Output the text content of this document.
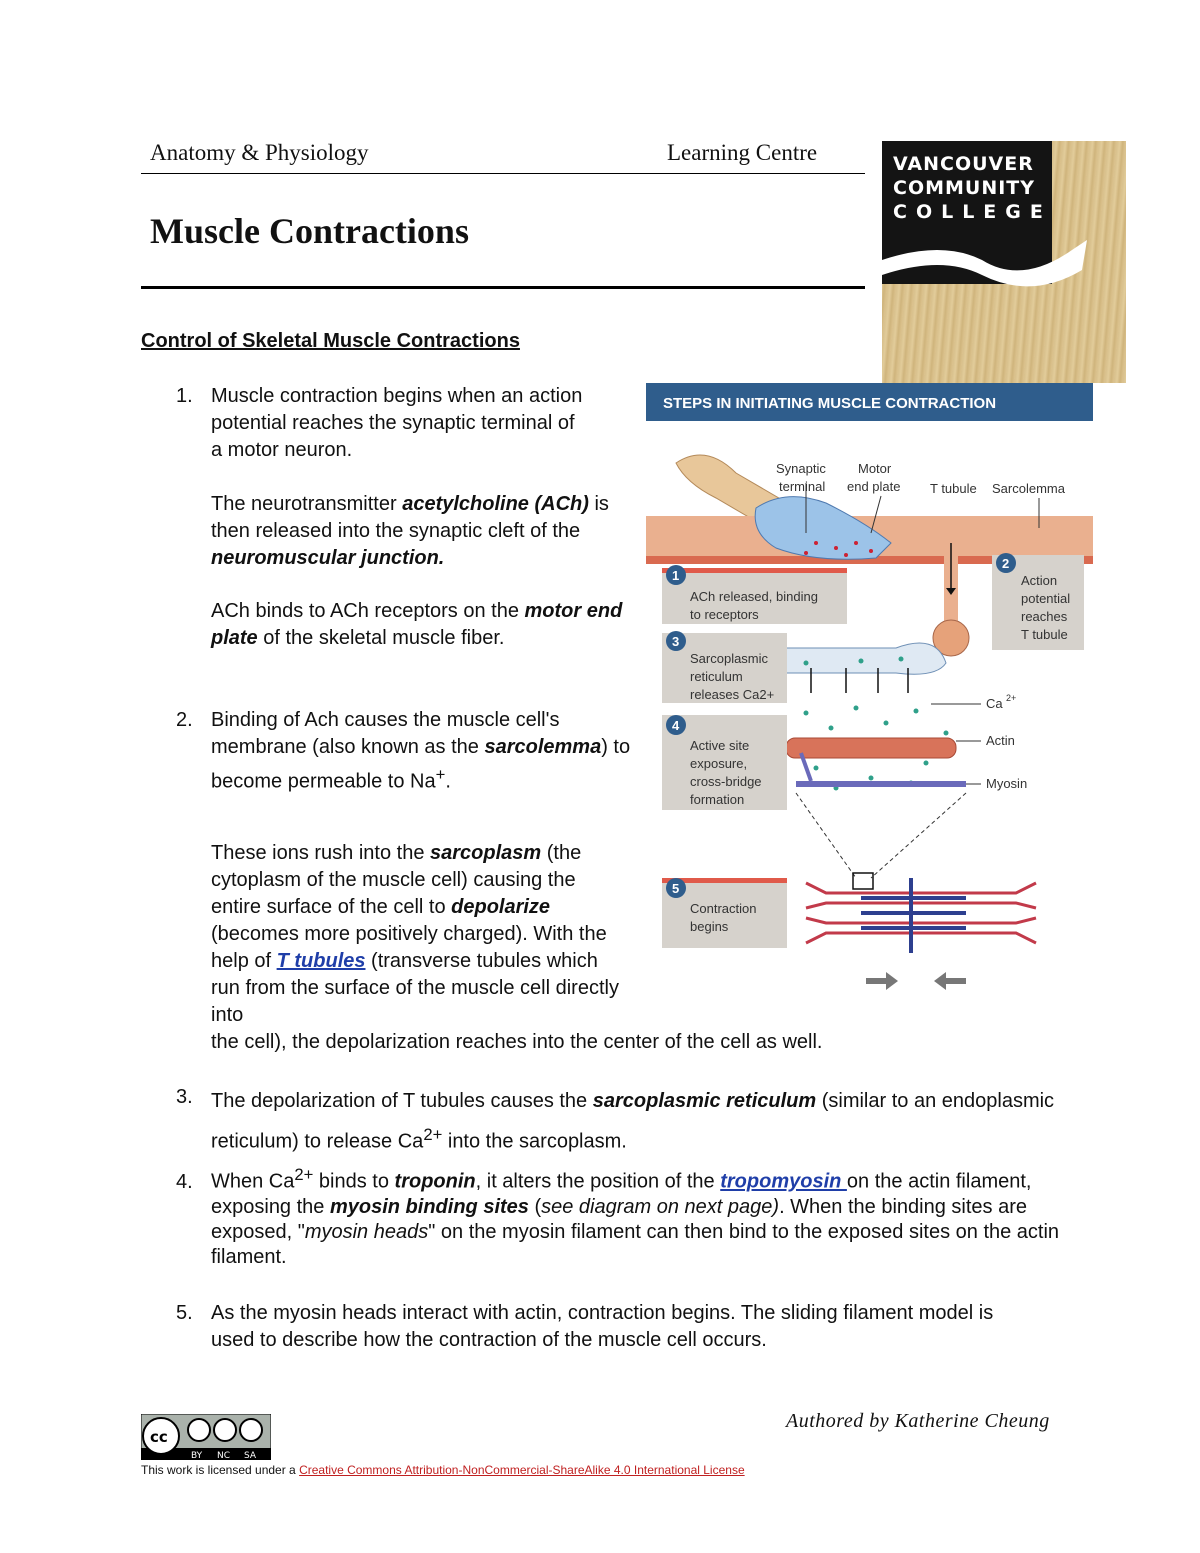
Anatomy & Physiology	Learning Centre
Muscle Contractions
VANCOUVER
COMMUNITY
COLLEGE
Control of Skeletal Muscle Contractions
1. Muscle contraction begins when an action potential reaches the synaptic terminal of a motor neuron.
The neurotransmitter acetylcholine (ACh) is then released into the synaptic cleft of the neuromuscular junction.
ACh binds to ACh receptors on the motor end plate of the skeletal muscle fiber.
2. Binding of Ach causes the muscle cell's membrane (also known as the sarcolemma) to become permeable to Na+.
These ions rush into the sarcoplasm (the cytoplasm of the muscle cell) causing the entire surface of the cell to depolarize (becomes more positively charged). With the help of T tubules (transverse tubules which run from the surface of the muscle cell directly into
the cell), the depolarization reaches into the center of the cell as well.
3. The depolarization of T tubules causes the sarcoplasmic reticulum (similar to an endoplasmic reticulum) to release $Ca^{2+}$ into the sarcoplasm.
4. When $Ca^{2+}$ binds to troponin, it alters the position of the tropomyosin on the actin filament, exposing the myosin binding sites (see diagram on next page). When the binding sites are exposed, "myosin heads" on the myosin filament can then bind to the exposed sites on the actin filament.
5. As the myosin heads interact with actin, contraction begins. The sliding filament model is used to describe how the contraction of the muscle cell occurs.
STEPS IN INITIATING MUSCLE CONTRACTION
Synaptic terminal Motor end plate T tubule Sarcolemma Ca 2+ Actin Myosin
1
ACh released, binding to receptors
2
Action potential reaches T tubule
3
Sarcoplasmic reticulum releases Ca2+
4
Active site exposure, cross-bridge formation
5
Contraction begins
Authored by Katherine Cheung
cc
BY NC SA
This work is licensed under a Creative Commons Attribution-NonCommercial-ShareAlike 4.0 International License
